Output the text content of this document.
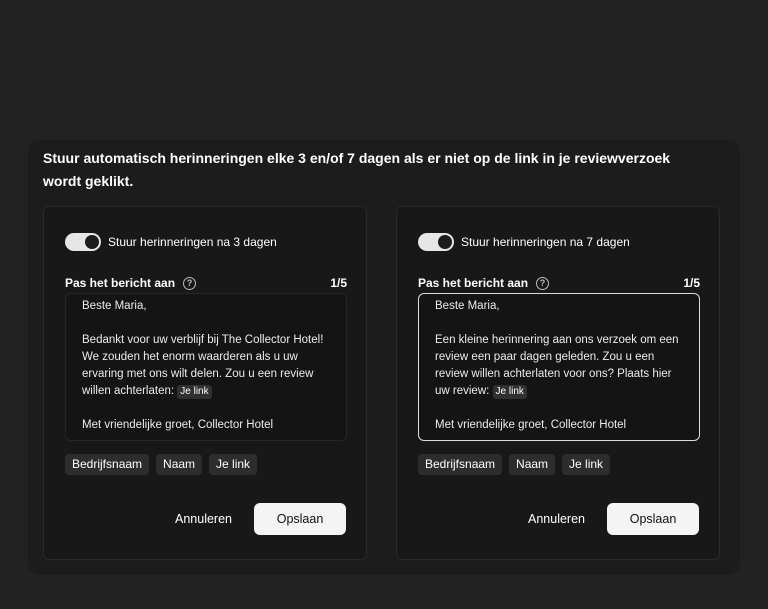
Stuur automatisch herinneringen elke 3 en/of 7 dagen als er niet op de link in je reviewverzoek wordt geklikt.
Stuur herinneringen na 3 dagen
Pas het bericht aan	?	1/5

Beste Maria,

Bedankt voor uw verblijf bij The Collector Hotel! We zouden het enorm waarderen als u uw ervaring met ons wilt delen. Zou u een review willen achterlaten: Je link

Met vriendelijke groet, Collector Hotel

Bedrijfsnaam	Naam	Je link
Annuleren	Opslaan
Stuur herinneringen na 7 dagen
Pas het bericht aan	?	1/5

Beste Maria,

Een kleine herinnering aan ons verzoek om een review een paar dagen geleden. Zou u een review willen achterlaten voor ons? Plaats hier uw review: Je link

Met vriendelijke groet, Collector Hotel

Bedrijfsnaam	Naam	Je link
Annuleren	Opslaan
